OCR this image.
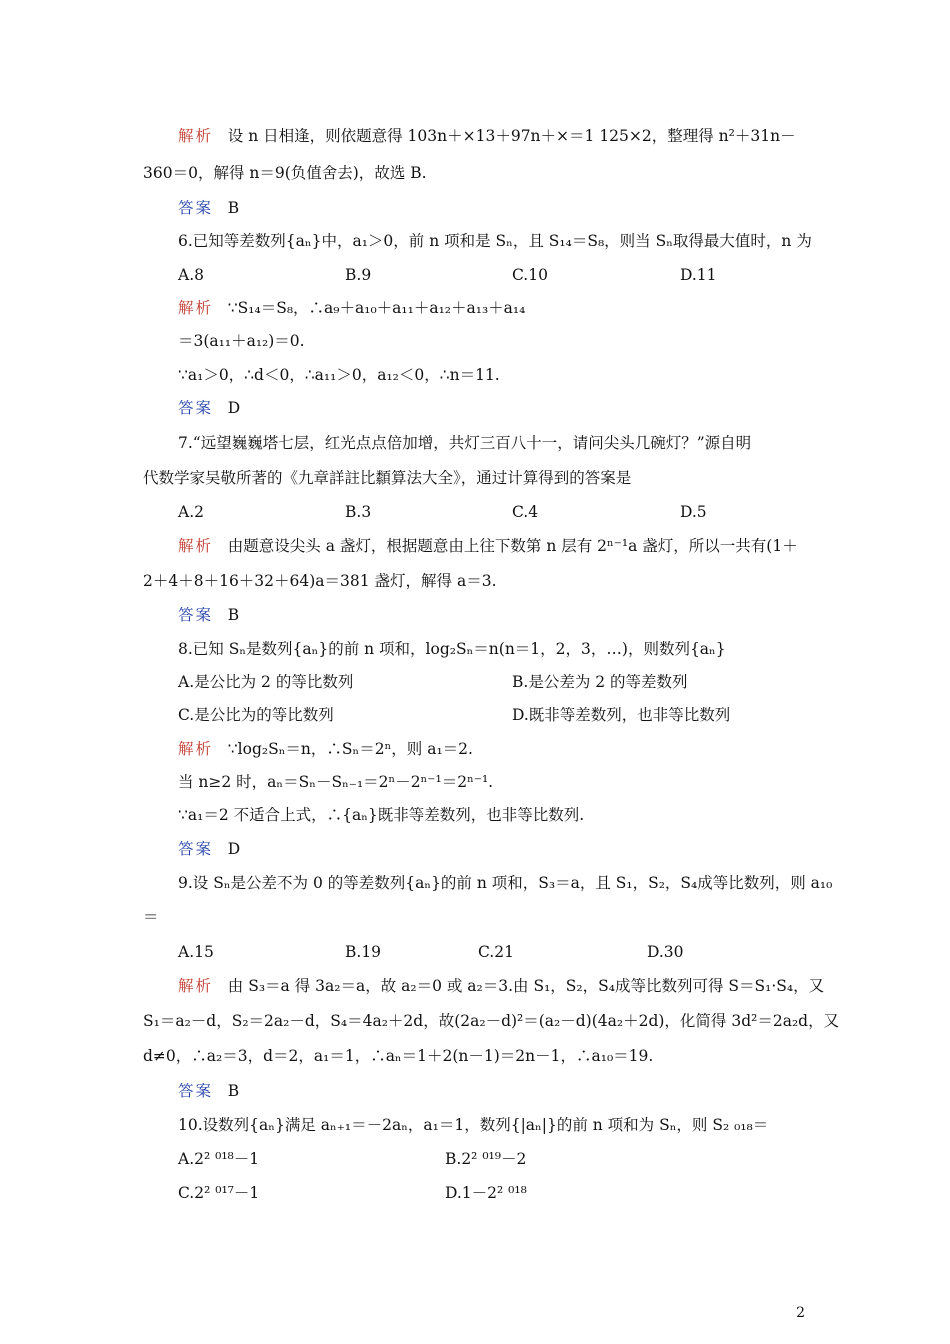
解析 设 n 日相逢，则依题意得 103n＋×13＋97n＋×＝1 125×2，整理得 n²＋31n－
360＝0，解得 n＝9(负值舍去)，故选 B.
答案 B
6.已知等差数列{aₙ}中，a₁＞0，前 n 项和是 Sₙ，且 S₁₄＝S₈，则当 Sₙ取得最大值时，n 为
A.8	B.9	C.10	D.11
解析 ∵S₁₄＝S₈，∴a₉＋a₁₀＋a₁₁＋a₁₂＋a₁₃＋a₁₄
＝3(a₁₁＋a₁₂)＝0.
∵a₁＞0，∴d＜0，∴a₁₁＞0，a₁₂＜0，∴n＝11.
答案 D
7.“远望巍巍塔七层，红光点点倍加增，共灯三百八十一，请问尖头几碗灯？”源自明
代数学家吴敬所著的《九章詳註比纇算法大全》，通过计算得到的答案是
A.2	B.3	C.4	D.5
解析 由题意设尖头 a 盏灯，根据题意由上往下数第 n 层有 2ⁿ⁻¹a 盏灯，所以一共有(1＋
2＋4＋8＋16＋32＋64)a＝381 盏灯，解得 a＝3.
答案 B
8.已知 Sₙ是数列{aₙ}的前 n 项和，log₂Sₙ＝n(n＝1，2，3，…)，则数列{aₙ}
A.是公比为 2 的等比数列	B.是公差为 2 的等差数列
C.是公比为的等比数列	D.既非等差数列，也非等比数列
解析 ∵log₂Sₙ＝n，∴Sₙ＝2ⁿ，则 a₁＝2.
当 n≥2 时，aₙ＝Sₙ－Sₙ₋₁＝2ⁿ－2ⁿ⁻¹＝2ⁿ⁻¹.
∵a₁＝2 不适合上式，∴{aₙ}既非等差数列，也非等比数列.
答案 D
9.设 Sₙ是公差不为 0 的等差数列{aₙ}的前 n 项和，S₃＝a，且 S₁，S₂，S₄成等比数列，则 a₁₀
＝
A.15	B.19	C.21	D.30
解析 由 S₃＝a 得 3a₂＝a，故 a₂＝0 或 a₂＝3.由 S₁，S₂，S₄成等比数列可得 S＝S₁·S₄，又
S₁＝a₂－d，S₂＝2a₂－d，S₄＝4a₂＋2d，故(2a₂－d)²＝(a₂－d)(4a₂＋2d)，化简得 3d²＝2a₂d，又
d≠0，∴a₂＝3，d＝2，a₁＝1，∴aₙ＝1＋2(n－1)＝2n－1，∴a₁₀＝19.
答案 B
10.设数列{aₙ}满足 aₙ₊₁＝－2aₙ，a₁＝1，数列{|aₙ|}的前 n 项和为 Sₙ，则 S₂ ₀₁₈＝
A.2² ⁰¹⁸－1	B.2² ⁰¹⁹－2
C.2² ⁰¹⁷－1	D.1－2² ⁰¹⁸
2
